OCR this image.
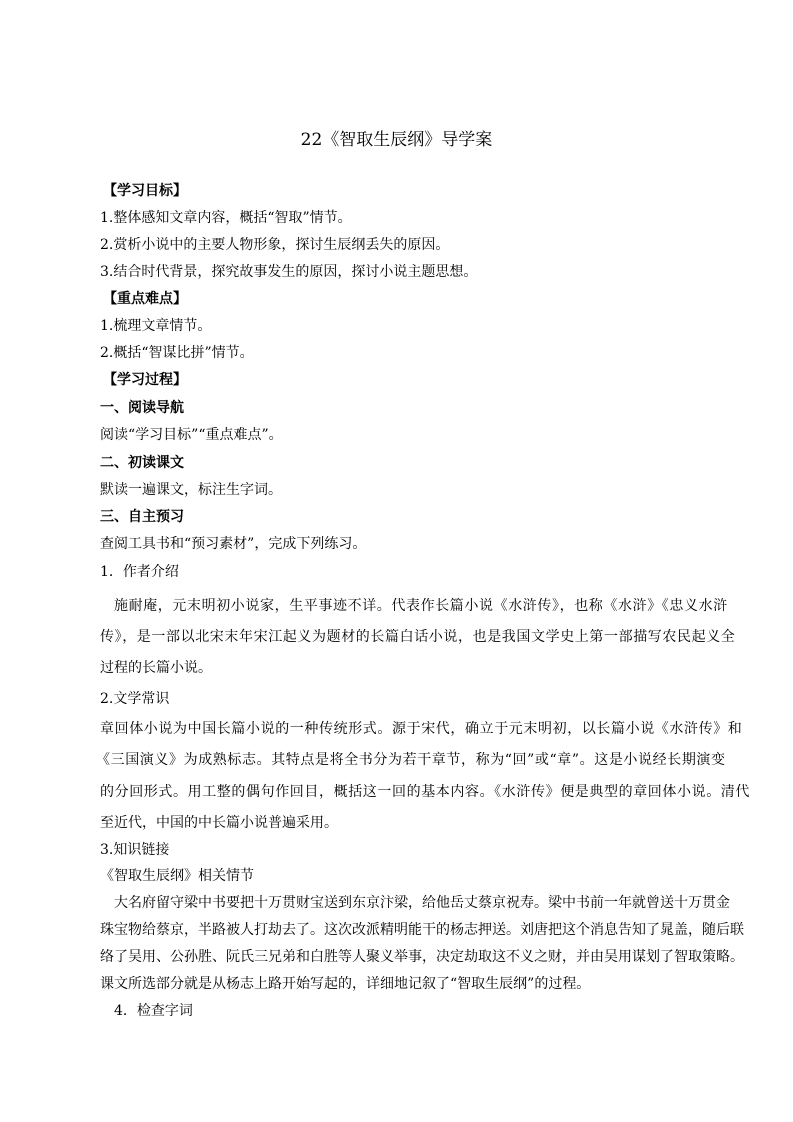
22《智取生辰纲》导学案
【学习目标】
1.整体感知文章内容，概括“智取”情节。
2.赏析小说中的主要人物形象，探讨生辰纲丢失的原因。
3.结合时代背景，探究故事发生的原因，探讨小说主题思想。
【重点难点】
1.梳理文章情节。
2.概括“智谋比拼”情节。
【学习过程】
一、阅读导航
阅读“学习目标”“重点难点”。
二、初读课文
默读一遍课文，标注生字词。
三、自主预习
查阅工具书和“预习素材”，完成下列练习。
1．作者介绍
施耐庵，元末明初小说家，生平事迹不详。代表作长篇小说《水浒传》，也称《水浒》《忠义水浒
传》，是一部以北宋末年宋江起义为题材的长篇白话小说，也是我国文学史上第一部描写农民起义全
过程的长篇小说。
2.文学常识
章回体小说为中国长篇小说的一种传统形式。源于宋代，确立于元末明初，以长篇小说《水浒传》和
《三国演义》为成熟标志。其特点是将全书分为若干章节，称为“回”或“章”。这是小说经长期演变
的分回形式。用工整的偶句作回目，概括这一回的基本内容。《水浒传》便是典型的章回体小说。清代
至近代，中国的中长篇小说普遍采用。
3.知识链接
《智取生辰纲》相关情节
大名府留守梁中书要把十万贯财宝送到东京汴梁，给他岳丈蔡京祝寿。梁中书前一年就曾送十万贯金
珠宝物给蔡京，半路被人打劫去了。这次改派精明能干的杨志押送。刘唐把这个消息告知了晁盖，随后联
络了吴用、公孙胜、阮氏三兄弟和白胜等人聚义举事，决定劫取这不义之财，并由吴用谋划了智取策略。
课文所选部分就是从杨志上路开始写起的，详细地记叙了“智取生辰纲”的过程。
4．检查字词
